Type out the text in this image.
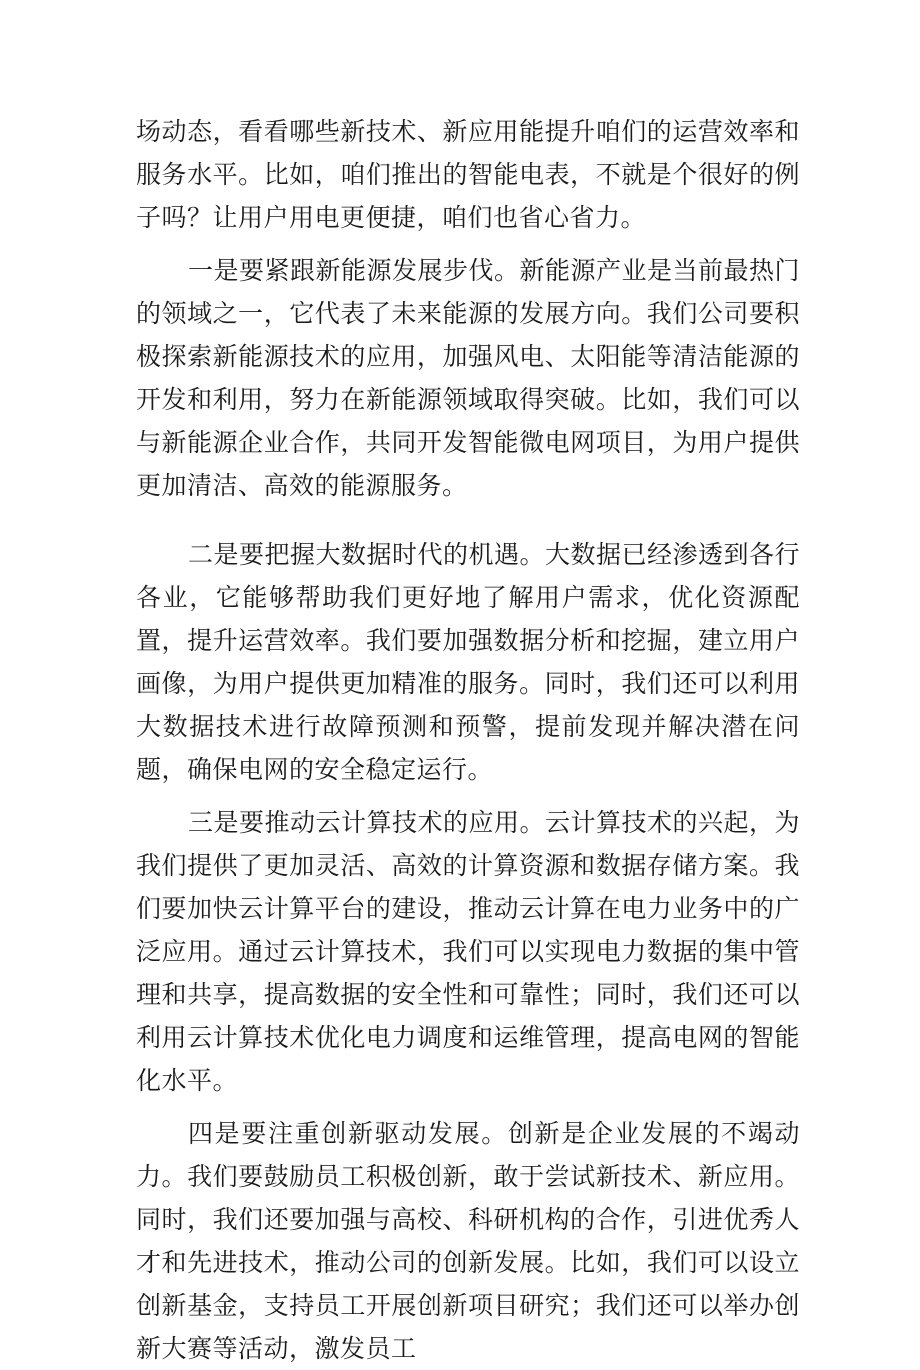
场动态，看看哪些新技术、新应用能提升咱们的运营效率和服务水平。比如，咱们推出的智能电表，不就是个很好的例子吗？让用户用电更便捷，咱们也省心省力。

一是要紧跟新能源发展步伐。新能源产业是当前最热门的领域之一，它代表了未来能源的发展方向。我们公司要积极探索新能源技术的应用，加强风电、太阳能等清洁能源的开发和利用，努力在新能源领域取得突破。比如，我们可以与新能源企业合作，共同开发智能微电网项目，为用户提供更加清洁、高效的能源服务。

二是要把握大数据时代的机遇。大数据已经渗透到各行各业，它能够帮助我们更好地了解用户需求，优化资源配置，提升运营效率。我们要加强数据分析和挖掘，建立用户画像，为用户提供更加精准的服务。同时，我们还可以利用大数据技术进行故障预测和预警，提前发现并解决潜在问题，确保电网的安全稳定运行。

三是要推动云计算技术的应用。云计算技术的兴起，为我们提供了更加灵活、高效的计算资源和数据存储方案。我们要加快云计算平台的建设，推动云计算在电力业务中的广泛应用。通过云计算技术，我们可以实现电力数据的集中管理和共享，提高数据的安全性和可靠性；同时，我们还可以利用云计算技术优化电力调度和运维管理，提高电网的智能化水平。

四是要注重创新驱动发展。创新是企业发展的不竭动力。我们要鼓励员工积极创新，敢于尝试新技术、新应用。同时，我们还要加强与高校、科研机构的合作，引进优秀人才和先进技术，推动公司的创新发展。比如，我们可以设立创新基金，支持员工开展创新项目研究；我们还可以举办创新大赛等活动，激发员工
